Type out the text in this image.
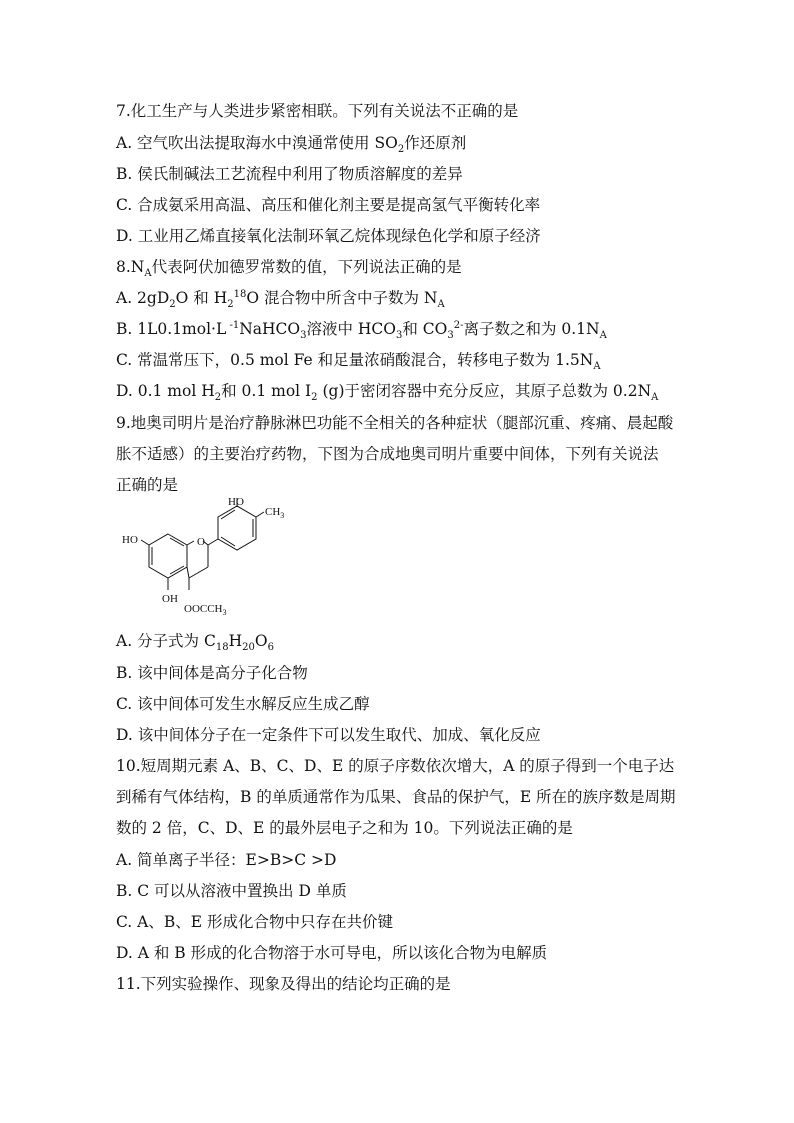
7.化工生产与人类进步紧密相联。下列有关说法不正确的是
A. 空气吹出法提取海水中溴通常使用 $SO_2$作还原剂
B. 侯氏制碱法工艺流程中利用了物质溶解度的差异
C. 合成氨采用高温、高压和催化剂主要是提高氢气平衡转化率
D. 工业用乙烯直接氧化法制环氧乙烷体现绿色化学和原子经济
$8.N_A$代表阿伏加德罗常数的值，下列说法正确的是
A. $2gD_2O$ 和 $H_2^{18}O$ 混合物中所含中子数为 $N_A$
B. 1L0.1mol·L $^{-1}$NaHCO$_3$溶液中 $HCO_3$和 $CO_3^{2-}$离子数之和为 $0.1N_A$
C. 常温常压下，0.5 mol Fe 和足量浓硝酸混合，转移电子数为 $1.5N_A$
D. 0.1 mol $H_2$和 0.1 mol $I_2$ (g)于密闭容器中充分反应，其原子总数为 $0.2N_A$
9.地奥司明片是治疗静脉淋巴功能不全相关的各种症状（腿部沉重、疼痛、晨起酸
胀不适感）的主要治疗药物，下图为合成地奥司明片重要中间体，下列有关说法
正确的是
O
HO
$CH_3$
HO
OH
$OOCCH_3$
A. 分子式为 $C_{18}H_{20}O_6$
B. 该中间体是高分子化合物
C. 该中间体可发生水解反应生成乙醇
D. 该中间体分子在一定条件下可以发生取代、加成、氧化反应
10.短周期元素 A、B、C、D、E 的原子序数依次增大，A 的原子得到一个电子达
到稀有气体结构，B 的单质通常作为瓜果、食品的保护气，E 所在的族序数是周期
数的 2 倍，C、D、E 的最外层电子之和为 10。下列说法正确的是
A. 简单离子半径：E>B>C >D
B. C 可以从溶液中置换出 D 单质
C. A、B、E 形成化合物中只存在共价键
D. A 和 B 形成的化合物溶于水可导电，所以该化合物为电解质
11.下列实验操作、现象及得出的结论均正确的是
